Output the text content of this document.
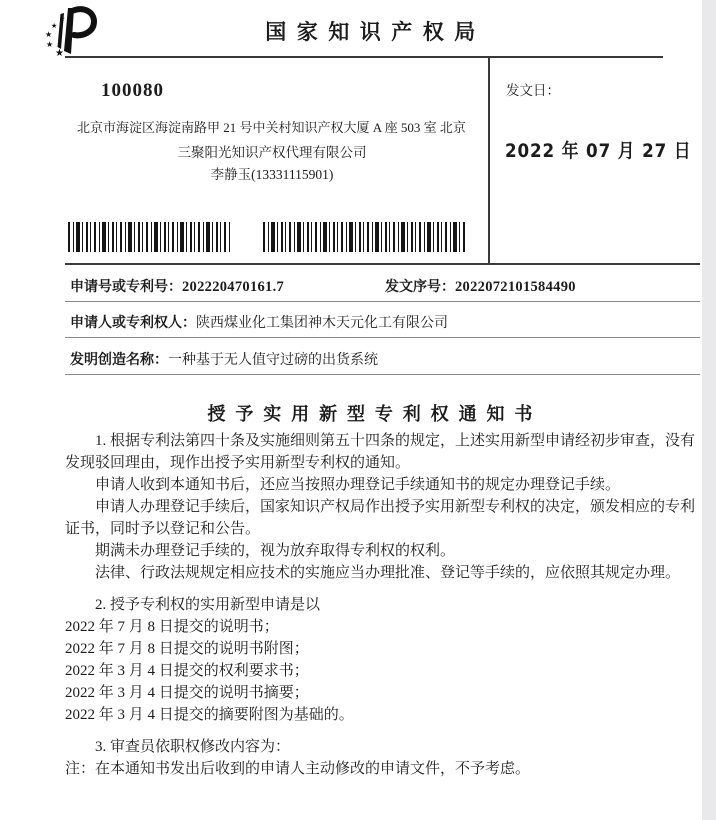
★
★
★
★
★
国家知识产权局
100080
北京市海淀区海淀南路甲 21 号中关村知识产权大厦 A 座 503 室 北京
三聚阳光知识产权代理有限公司
李静玉(13331115901)
发文日：
2022 年 07 月 27 日
申请号或专利号：202220470161.7	发文序号：2022072101584490
申请人或专利权人：陕西煤业化工集团神木天元化工有限公司
发明创造名称：一种基于无人值守过磅的出货系统
授予实用新型专利权通知书

1. 根据专利法第四十条及实施细则第五十四条的规定，上述实用新型申请经初步审查，没有发现驳回理由，现作出授予实用新型专利权的通知。

申请人收到本通知书后，还应当按照办理登记手续通知书的规定办理登记手续。

申请人办理登记手续后，国家知识产权局作出授予实用新型专利权的决定，颁发相应的专利证书，同时予以登记和公告。

期满未办理登记手续的，视为放弃取得专利权的权利。

法律、行政法规规定相应技术的实施应当办理批准、登记等手续的，应依照其规定办理。

2. 授予专利权的实用新型申请是以

2022 年 7 月 8 日提交的说明书；

2022 年 7 月 8 日提交的说明书附图；

2022 年 3 月 4 日提交的权利要求书；

2022 年 3 月 4 日提交的说明书摘要；

2022 年 3 月 4 日提交的摘要附图为基础的。

3. 审查员依职权修改内容为：

注：在本通知书发出后收到的申请人主动修改的申请文件，不予考虑。
